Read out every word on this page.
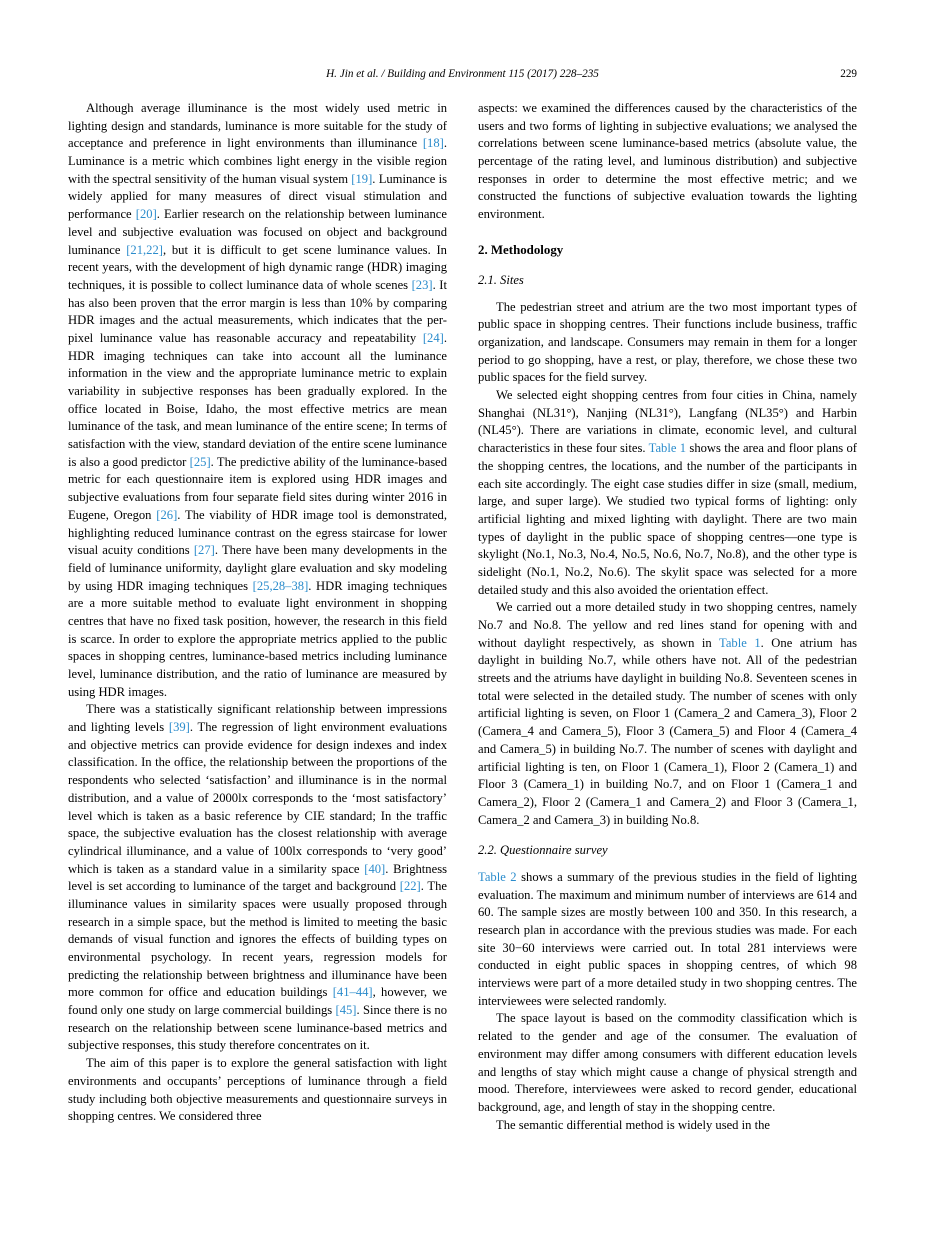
H. Jin et al. / Building and Environment 115 (2017) 228–235	229

Although average illuminance is the most widely used metric in lighting design and standards, luminance is more suitable for the study of acceptance and preference in light environments than illuminance [18]. Luminance is a metric which combines light energy in the visible region with the spectral sensitivity of the human visual system [19]. Luminance is widely applied for many measures of direct visual stimulation and performance [20]. Earlier research on the relationship between luminance level and subjective evaluation was focused on object and background luminance [21,22], but it is difficult to get scene luminance values. In recent years, with the development of high dynamic range (HDR) imaging techniques, it is possible to collect luminance data of whole scenes [23]. It has also been proven that the error margin is less than 10% by comparing HDR images and the actual measurements, which indicates that the per-pixel luminance value has reasonable accuracy and repeatability [24]. HDR imaging techniques can take into account all the luminance information in the view and the appropriate luminance metric to explain variability in subjective responses has been gradually explored. In the office located in Boise, Idaho, the most effective metrics are mean luminance of the task, and mean luminance of the entire scene; In terms of satisfaction with the view, standard deviation of the entire scene luminance is also a good predictor [25]. The predictive ability of the luminance-based metric for each questionnaire item is explored using HDR images and subjective evaluations from four separate field sites during winter 2016 in Eugene, Oregon [26]. The viability of HDR image tool is demonstrated, highlighting reduced luminance contrast on the egress staircase for lower visual acuity conditions [27]. There have been many developments in the field of luminance uniformity, daylight glare evaluation and sky modeling by using HDR imaging techniques [25,28–38]. HDR imaging techniques are a more suitable method to evaluate light environment in shopping centres that have no fixed task position, however, the research in this field is scarce. In order to explore the appropriate metrics applied to the public spaces in shopping centres, luminance-based metrics including luminance level, luminance distribution, and the ratio of luminance are measured by using HDR images.

There was a statistically significant relationship between impressions and lighting levels [39]. The regression of light environment evaluations and objective metrics can provide evidence for design indexes and index classification. In the office, the relationship between the proportions of the respondents who selected ‘satisfaction’ and illuminance is in the normal distribution, and a value of 2000lx corresponds to the ‘most satisfactory’ level which is taken as a basic reference by CIE standard; In the traffic space, the subjective evaluation has the closest relationship with average cylindrical illuminance, and a value of 100lx corresponds to ‘very good’ which is taken as a standard value in a similarity space [40]. Brightness level is set according to luminance of the target and background [22]. The illuminance values in similarity spaces were usually proposed through research in a simple space, but the method is limited to meeting the basic demands of visual function and ignores the effects of building types on environmental psychology. In recent years, regression models for predicting the relationship between brightness and illuminance have been more common for office and education buildings [41–44], however, we found only one study on large commercial buildings [45]. Since there is no research on the relationship between scene luminance-based metrics and subjective responses, this study therefore concentrates on it.

The aim of this paper is to explore the general satisfaction with light environments and occupants’ perceptions of luminance through a field study including both objective measurements and questionnaire surveys in shopping centres. We considered three

aspects: we examined the differences caused by the characteristics of the users and two forms of lighting in subjective evaluations; we analysed the correlations between scene luminance-based metrics (absolute value, the percentage of the rating level, and luminous distribution) and subjective responses in order to determine the most effective metric; and we constructed the functions of subjective evaluation towards the lighting environment.

2. Methodology
2.1. Sites

The pedestrian street and atrium are the two most important types of public space in shopping centres. Their functions include business, traffic organization, and landscape. Consumers may remain in them for a longer period to go shopping, have a rest, or play, therefore, we chose these two public spaces for the field survey.

We selected eight shopping centres from four cities in China, namely Shanghai (NL31°), Nanjing (NL31°), Langfang (NL35°) and Harbin (NL45°). There are variations in climate, economic level, and cultural characteristics in these four sites. Table 1 shows the area and floor plans of the shopping centres, the locations, and the number of the participants in each site accordingly. The eight case studies differ in size (small, medium, large, and super large). We studied two typical forms of lighting: only artificial lighting and mixed lighting with daylight. There are two main types of daylight in the public space of shopping centres—one type is skylight (No.1, No.3, No.4, No.5, No.6, No.7, No.8), and the other type is sidelight (No.1, No.2, No.6). The skylit space was selected for a more detailed study and this also avoided the orientation effect.

We carried out a more detailed study in two shopping centres, namely No.7 and No.8. The yellow and red lines stand for opening with and without daylight respectively, as shown in Table 1. One atrium has daylight in building No.7, while others have not. All of the pedestrian streets and the atriums have daylight in building No.8. Seventeen scenes in total were selected in the detailed study. The number of scenes with only artificial lighting is seven, on Floor 1 (Camera_2 and Camera_3), Floor 2 (Camera_4 and Camera_5), Floor 3 (Camera_5) and Floor 4 (Camera_4 and Camera_5) in building No.7. The number of scenes with daylight and artificial lighting is ten, on Floor 1 (Camera_1), Floor 2 (Camera_1) and Floor 3 (Camera_1) in building No.7, and on Floor 1 (Camera_1 and Camera_2), Floor 2 (Camera_1 and Camera_2) and Floor 3 (Camera_1, Camera_2 and Camera_3) in building No.8.

2.2. Questionnaire survey

Table 2 shows a summary of the previous studies in the field of lighting evaluation. The maximum and minimum number of interviews are 614 and 60. The sample sizes are mostly between 100 and 350. In this research, a research plan in accordance with the previous studies was made. For each site 30−60 interviews were carried out. In total 281 interviews were conducted in eight public spaces in shopping centres, of which 98 interviews were part of a more detailed study in two shopping centres. The interviewees were selected randomly.

The space layout is based on the commodity classification which is related to the gender and age of the consumer. The evaluation of environment may differ among consumers with different education levels and lengths of stay which might cause a change of physical strength and mood. Therefore, interviewees were asked to record gender, educational background, age, and length of stay in the shopping centre.

The semantic differential method is widely used in the
